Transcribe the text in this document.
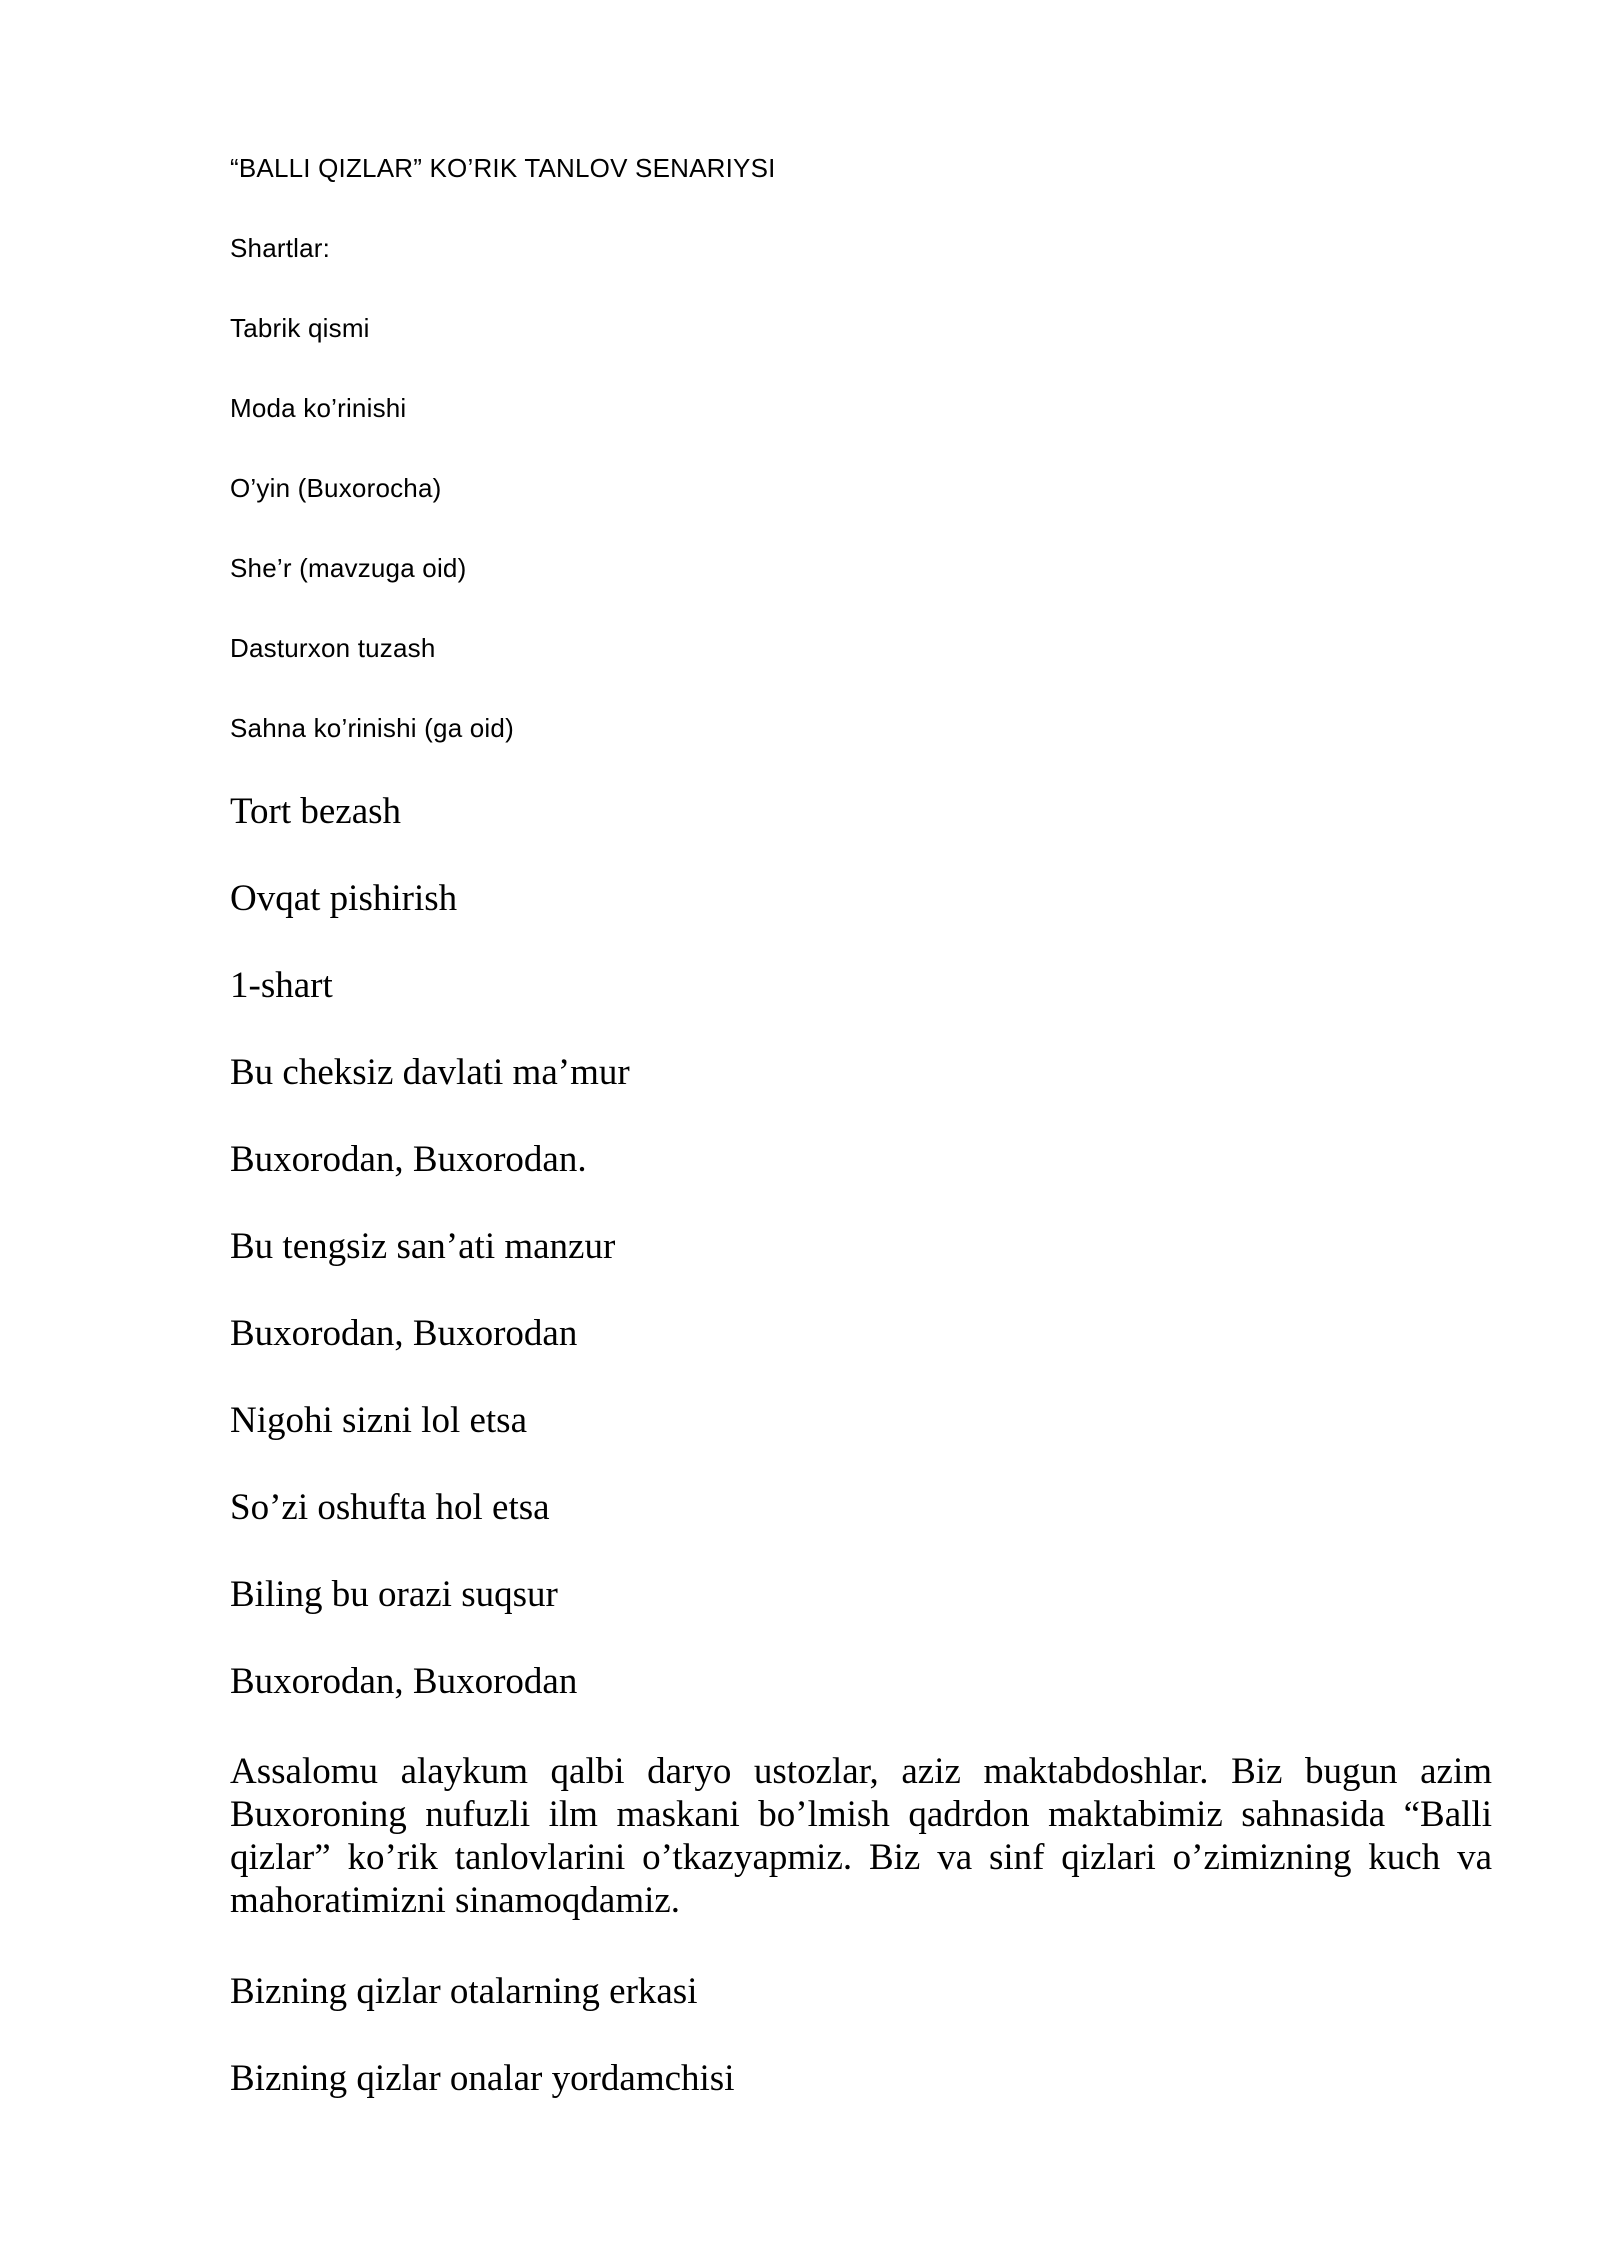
“BALLI QIZLAR” KO’RIK TANLOV SENARIYSI

Shartlar:

Tabrik qismi

Moda ko’rinishi

O’yin (Buxorocha)

She’r (mavzuga oid)

Dasturxon tuzash

Sahna ko’rinishi (ga oid)

Tort bezash

Ovqat pishirish

1-shart

Bu cheksiz davlati ma’mur

Buxorodan, Buxorodan.

Bu tengsiz san’ati manzur

Buxorodan, Buxorodan

Nigohi sizni lol etsa

So’zi oshufta hol etsa

Biling bu orazi suqsur

Buxorodan, Buxorodan

Assalomu alaykum qalbi daryo ustozlar, aziz maktabdoshlar. Biz bugun azim Buxoroning nufuzli ilm maskani bo’lmish qadrdon maktabimiz sahnasida “Balli qizlar” ko’rik tanlovlarini o’tkazyapmiz. Biz va sinf qizlari o’zimizning kuch va mahoratimizni sinamoqdamiz.

Bizning qizlar otalarning erkasi

Bizning qizlar onalar yordamchisi
